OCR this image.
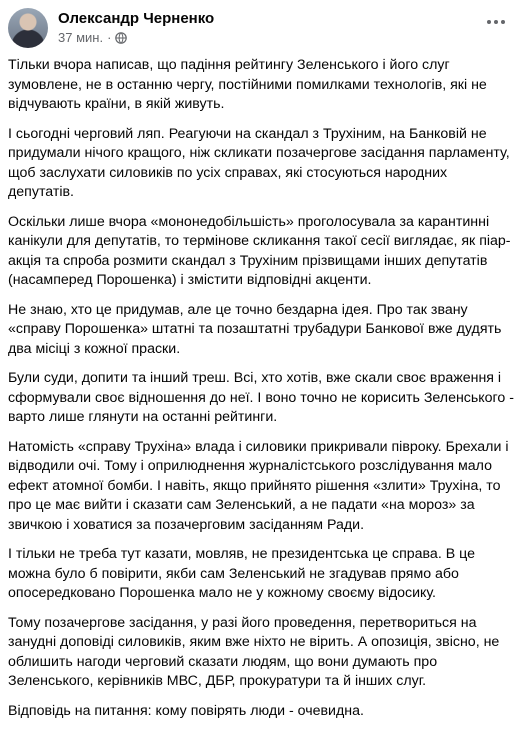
Олександр Черненко
37 мин. ·

Тільки вчора написав, що падіння рейтингу Зеленського і його слуг зумовлене, не в останню чергу, постійними помилками технологів, які не відчувають країни, в якій живуть.

І сьогодні черговий ляп. Реагуючи на скандал з Трухіним, на Банковій не придумали нічого кращого, ніж скликати позачергове засідання парламенту, щоб заслухати силовиків по усіх справах, які стосуються народних депутатів.

Оскільки лише вчора «мононедобільшість» проголосувала за карантинні канікули для депутатів, то термінове скликання такої сесії виглядає, як піар-акція та спроба розмити скандал з Трухіним прізвищами інших депутатів (насамперед Порошенка) і змістити відповідні акценти.

Не знаю, хто це придумав, але це точно бездарна ідея. Про так звану «справу Порошенка» штатні та позаштатні трубадури Банкової вже дудять два місіці з кожної праски.

Були суди, допити та інший треш. Всі, хто хотів, вже скали своє враження і сформували своє відношення до неї. І воно точно не корисить Зеленського - варто лише глянути на останні рейтинги.

Натомість «справу Трухіна» влада і силовики прикривали півроку. Брехали і відводили очі. Тому і оприлюднення журналістського розслідування мало ефект атомної бомби. І навіть, якщо прийнято рішення «злити» Трухіна, то про це має вийти і сказати сам Зеленський, а не падати «на мороз» за звичкою і ховатися за позачерговим засіданням Ради.

І тільки не треба тут казати, мовляв, не президентська це справа. В це можна було б повірити, якби сам Зеленський не згадував прямо або опосередковано Порошенка мало не у кожному своєму відосику.

Тому позачергове засідання, у разі його проведення, перетвориться на занудні доповіді силовиків, яким вже ніхто не вірить. А опозиція, звісно, не облишить нагоди черговий сказати людям, що вони думають про Зеленського, керівників МВС, ДБР, прокуратури та й інших слуг.

Відповідь на питання: кому повірять люди - очевидна.
